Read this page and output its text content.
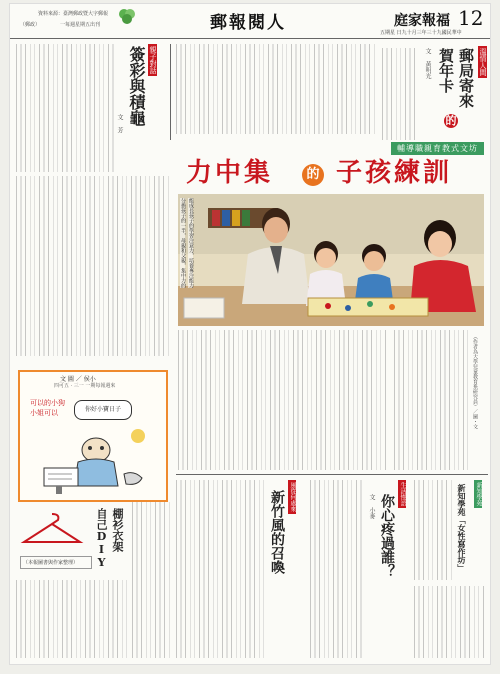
資料來源：臺灣郵政暨大字郵報
（郵政）	一每週星期五出刊	郵報閱人	庭家報福 12
五期星 日九十月三年三十九國民華中
親子對話
簽彩與積龜
文 芳
溫情人間
郵局寄來
的
賀年卡
文 黃明光
輔導職親育教式文坊
力中集	的 子孩練訓
分擔孩子的一半，母親和父親，集中力的 能成長孩子的學習注意力，培養專注能力
（作者為大學兒童教育系研究員）／圖・文
文 圖 ／ 侯小
四可五 · 三一 一期每報週來
可以的小狗
小姐可以	你好小寶日子
棚衫衣架
自己DIY
（本報圖書與作家整理）
風從何處來
新竹風的召喚	生活慢語
你心疼過誰？
文 小麥	新知學苑
新知學苑「女性寫作坊」
